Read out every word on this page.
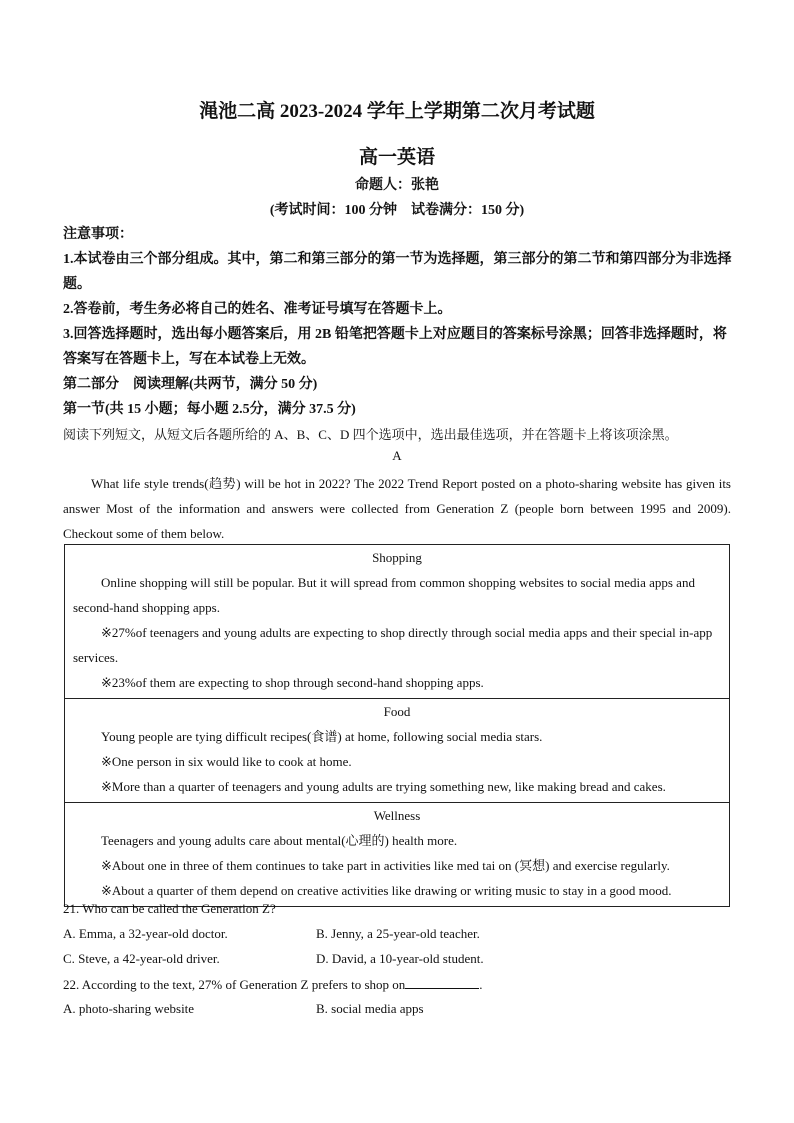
渑池二高 2023-2024 学年上学期第二次月考试题
高一英语
命题人：张艳
(考试时间：100 分钟　试卷满分：150 分)
注意事项：
1.本试卷由三个部分组成。其中，第二和第三部分的第一节为选择题，第三部分的第二节和第四部分为非选择题。
2.答卷前，考生务必将自己的姓名、准考证号填写在答题卡上。
3.回答选择题时，选出每小题答案后，用 2B 铅笔把答题卡上对应题目的答案标号涂黑；回答非选择题时，将答案写在答题卡上，写在本试卷上无效。
第二部分　阅读理解(共两节，满分 50 分)
第一节(共 15 小题；每小题 2.5分，满分 37.5 分)
阅读下列短文，从短文后各题所给的 A、B、C、D 四个选项中，选出最佳选项，并在答题卡上将该项涂黑。
A
What life style trends(趋势) will be hot in 2022? The 2022 Trend Report posted on a photo-sharing website has given its answer Most of the information and answers were collected from Generation Z (people born between 1995 and 2009). Checkout some of them below.
Shopping
Online shopping will still be popular. But it will spread from common shopping websites to social media apps and second-hand shopping apps.
※27%of teenagers and young adults are expecting to shop directly through social media apps and their special in-app services.
※23%of them are expecting to shop through second-hand shopping apps.
Food
Young people are tying difficult recipes(食谱) at home, following social media stars.
※One person in six would like to cook at home.
※More than a quarter of teenagers and young adults are trying something new, like making bread and cakes.
Wellness
Teenagers and young adults care about mental(心理的) health more.
※About one in three of them continues to take part in activities like med tai on (冥想) and exercise regularly.
※About a quarter of them depend on creative activities like drawing or writing music to stay in a good mood.
21. Who can be called the Generation Z?
A. Emma, a 32-year-old doctor.	B. Jenny, a 25-year-old teacher.
C. Steve, a 42-year-old driver.	D. David, a 10-year-old student.
22. According to the text, 27% of Generation Z prefers to shop on	.
A. photo-sharing website	B. social media apps
